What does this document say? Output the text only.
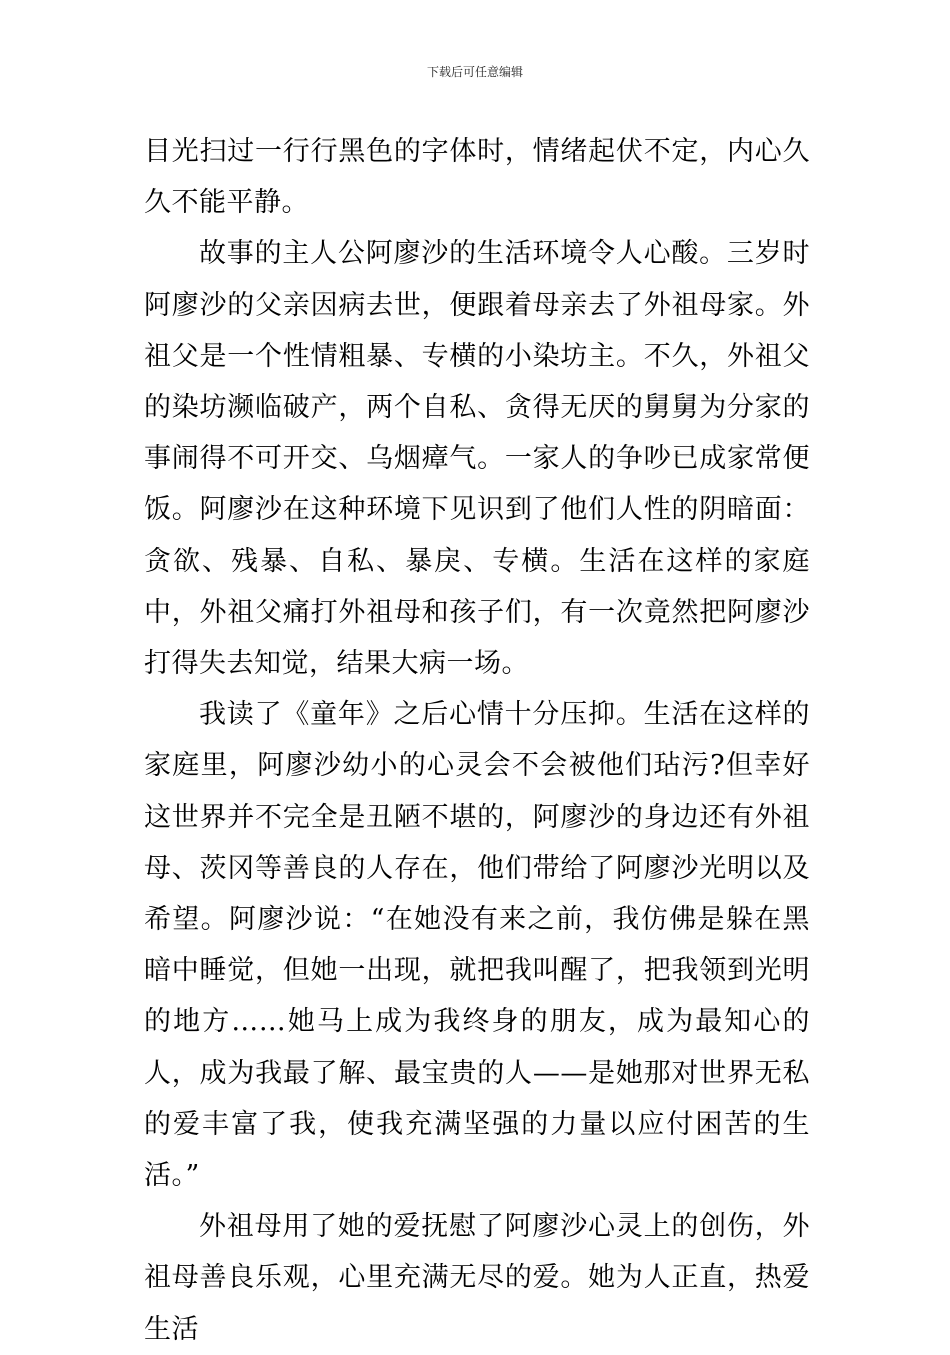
下载后可任意编辑

目光扫过一行行黑色的字体时，情绪起伏不定，内心久久不能平静。

故事的主人公阿廖沙的生活环境令人心酸。三岁时阿廖沙的父亲因病去世，便跟着母亲去了外祖母家。外祖父是一个性情粗暴、专横的小染坊主。不久，外祖父的染坊濒临破产，两个自私、贪得无厌的舅舅为分家的事闹得不可开交、乌烟瘴气。一家人的争吵已成家常便饭。阿廖沙在这种环境下见识到了他们人性的阴暗面：贪欲、残暴、自私、暴戾、专横。生活在这样的家庭中，外祖父痛打外祖母和孩子们，有一次竟然把阿廖沙打得失去知觉，结果大病一场。

我读了《童年》之后心情十分压抑。生活在这样的家庭里，阿廖沙幼小的心灵会不会被他们玷污?但幸好这世界并不完全是丑陋不堪的，阿廖沙的身边还有外祖母、茨冈等善良的人存在，他们带给了阿廖沙光明以及希望。阿廖沙说：“在她没有来之前，我仿佛是躲在黑暗中睡觉，但她一出现，就把我叫醒了，把我领到光明的地方……她马上成为我终身的朋友，成为最知心的人，成为我最了解、最宝贵的人——是她那对世界无私的爱丰富了我，使我充满坚强的力量以应付困苦的生活。”

外祖母用了她的爱抚慰了阿廖沙心灵上的创伤，外祖母善良乐观，心里充满无尽的爱。她为人正直，热爱生活
